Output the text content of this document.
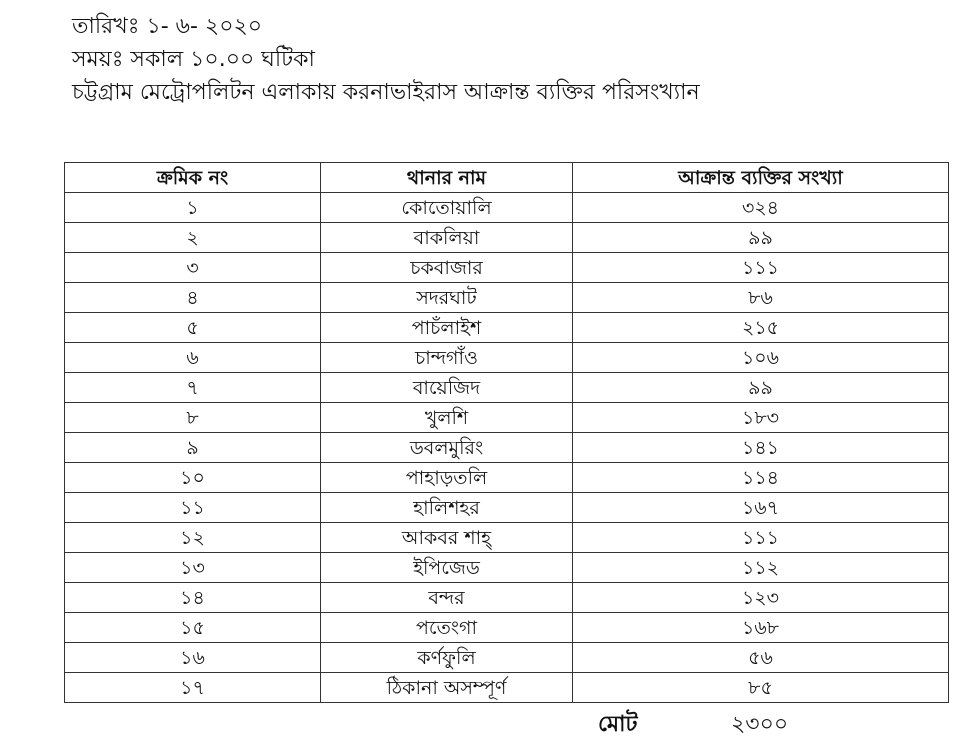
তারিখঃ ১- ৬- ২০২০
সময়ঃ সকাল ১০.০০ ঘটিকা
চট্টগ্রাম মেট্রোপলিটন এলাকায় করনাভাইরাস আক্রান্ত ব্যক্তির পরিসংখ্যান
ক্রমিক নং	থানার নাম	আক্রান্ত ব্যক্তির সংখ্যা
১	কোতোয়ালি	৩২৪
২	বাকলিয়া	৯৯
৩	চকবাজার	১১১
৪	সদরঘাট	৮৬
৫	পাচঁলাইশ	২১৫
৬	চান্দগাঁও	১০৬
৭	বায়েজিদ	৯৯
৮	খুলশি	১৮৩
৯	ডবলমুরিং	১৪১
১০	পাহাড়তলি	১১৪
১১	হালিশহর	১৬৭
১২	আকবর শাহ্	১১১
১৩	ইপিজেড	১১২
১৪	বন্দর	১২৩
১৫	পতেংগা	১৬৮
১৬	কর্ণফুলি	৫৬
১৭	ঠিকানা অসম্পূর্ণ	৮৫
মোট	২৩০০
